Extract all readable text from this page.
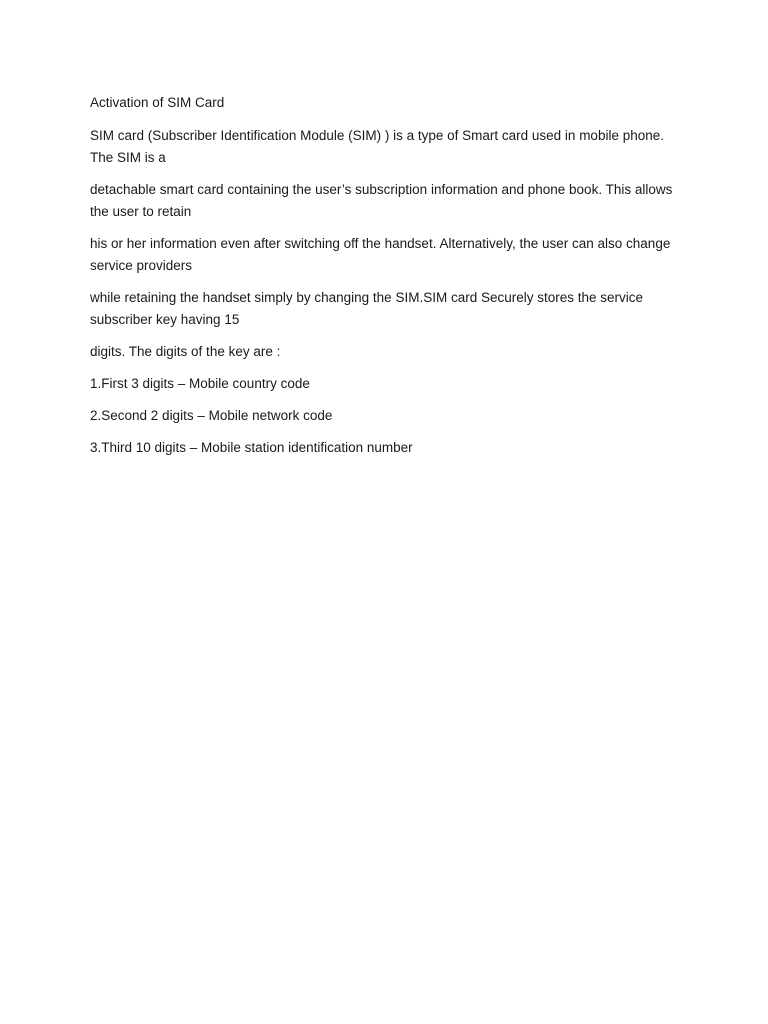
Activation of SIM Card

SIM card (Subscriber Identification Module (SIM) ) is a type of Smart card used in mobile phone. The SIM is a

detachable smart card containing the user’s subscription information and phone book. This allows the user to retain

his or her information even after switching off the handset. Alternatively, the user can also change service providers

while retaining the handset simply by changing the SIM.SIM card Securely stores the service subscriber key having 15

digits. The digits of the key are :

1.First 3 digits – Mobile country code

2.Second 2 digits – Mobile network code

3.Third 10 digits – Mobile station identification number
